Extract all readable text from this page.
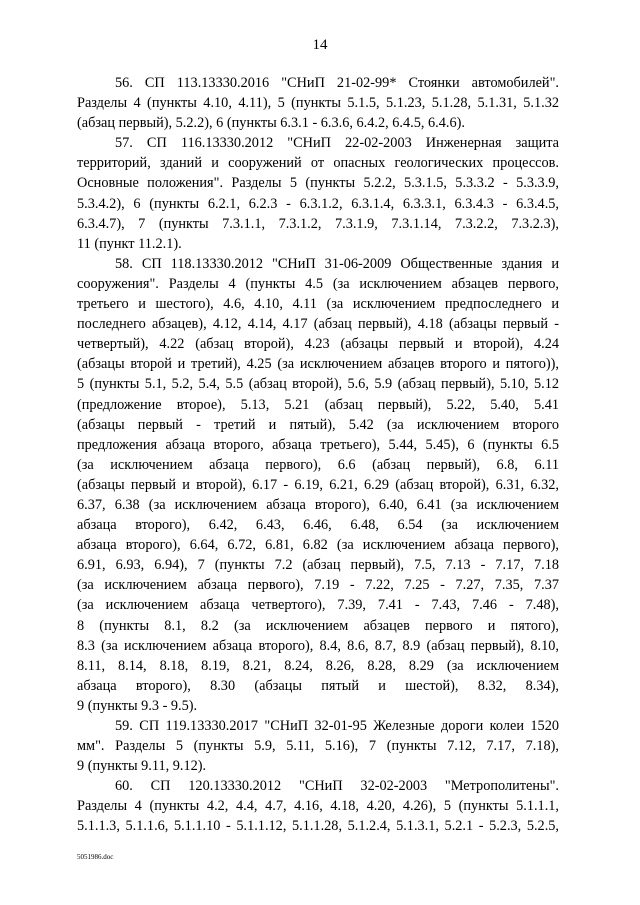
14
56. СП 113.13330.2016 "СНиП 21-02-99* Стоянки автомобилей".
Разделы 4 (пункты 4.10, 4.11), 5 (пункты 5.1.5, 5.1.23, 5.1.28, 5.1.31, 5.1.32
(абзац первый), 5.2.2), 6 (пункты 6.3.1 - 6.3.6, 6.4.2, 6.4.5, 6.4.6).
57. СП 116.13330.2012 "СНиП 22-02-2003 Инженерная защита
территорий, зданий и сооружений от опасных геологических процессов.
Основные положения". Разделы 5 (пункты 5.2.2, 5.3.1.5, 5.3.3.2 - 5.3.3.9,
5.3.4.2), 6 (пункты 6.2.1, 6.2.3 - 6.3.1.2, 6.3.1.4, 6.3.3.1, 6.3.4.3 - 6.3.4.5,
6.3.4.7), 7 (пункты 7.3.1.1, 7.3.1.2, 7.3.1.9, 7.3.1.14, 7.3.2.2, 7.3.2.3),
11 (пункт 11.2.1).
58. СП 118.13330.2012 "СНиП 31-06-2009 Общественные здания и
сооружения". Разделы 4 (пункты 4.5 (за исключением абзацев первого,
третьего и шестого), 4.6, 4.10, 4.11 (за исключением предпоследнего и
последнего абзацев), 4.12, 4.14, 4.17 (абзац первый), 4.18 (абзацы первый -
четвертый), 4.22 (абзац второй), 4.23 (абзацы первый и второй), 4.24
(абзацы второй и третий), 4.25 (за исключением абзацев второго и пятого)),
5 (пункты 5.1, 5.2, 5.4, 5.5 (абзац второй), 5.6, 5.9 (абзац первый), 5.10, 5.12
(предложение второе), 5.13, 5.21 (абзац первый), 5.22, 5.40, 5.41
(абзацы первый - третий и пятый), 5.42 (за исключением второго
предложения абзаца второго, абзаца третьего), 5.44, 5.45), 6 (пункты 6.5
(за исключением абзаца первого), 6.6 (абзац первый), 6.8, 6.11
(абзацы первый и второй), 6.17 - 6.19, 6.21, 6.29 (абзац второй), 6.31, 6.32,
6.37, 6.38 (за исключением абзаца второго), 6.40, 6.41 (за исключением
абзаца второго), 6.42, 6.43, 6.46, 6.48, 6.54 (за исключением
абзаца второго), 6.64, 6.72, 6.81, 6.82 (за исключением абзаца первого),
6.91, 6.93, 6.94), 7 (пункты 7.2 (абзац первый), 7.5, 7.13 - 7.17, 7.18
(за исключением абзаца первого), 7.19 - 7.22, 7.25 - 7.27, 7.35, 7.37
(за исключением абзаца четвертого), 7.39, 7.41 - 7.43, 7.46 - 7.48),
8 (пункты 8.1, 8.2 (за исключением абзацев первого и пятого),
8.3 (за исключением абзаца второго), 8.4, 8.6, 8.7, 8.9 (абзац первый), 8.10,
8.11, 8.14, 8.18, 8.19, 8.21, 8.24, 8.26, 8.28, 8.29 (за исключением
абзаца второго), 8.30 (абзацы пятый и шестой), 8.32, 8.34),
9 (пункты 9.3 - 9.5).
59. СП 119.13330.2017 "СНиП 32-01-95 Железные дороги колеи 1520
мм". Разделы 5 (пункты 5.9, 5.11, 5.16), 7 (пункты 7.12, 7.17, 7.18),
9 (пункты 9.11, 9.12).
60. СП 120.13330.2012 "СНиП 32-02-2003 "Метрополитены".
Разделы 4 (пункты 4.2, 4.4, 4.7, 4.16, 4.18, 4.20, 4.26), 5 (пункты 5.1.1.1,
5.1.1.3, 5.1.1.6, 5.1.1.10 - 5.1.1.12, 5.1.1.28, 5.1.2.4, 5.1.3.1, 5.2.1 - 5.2.3, 5.2.5,
5051986.doc
